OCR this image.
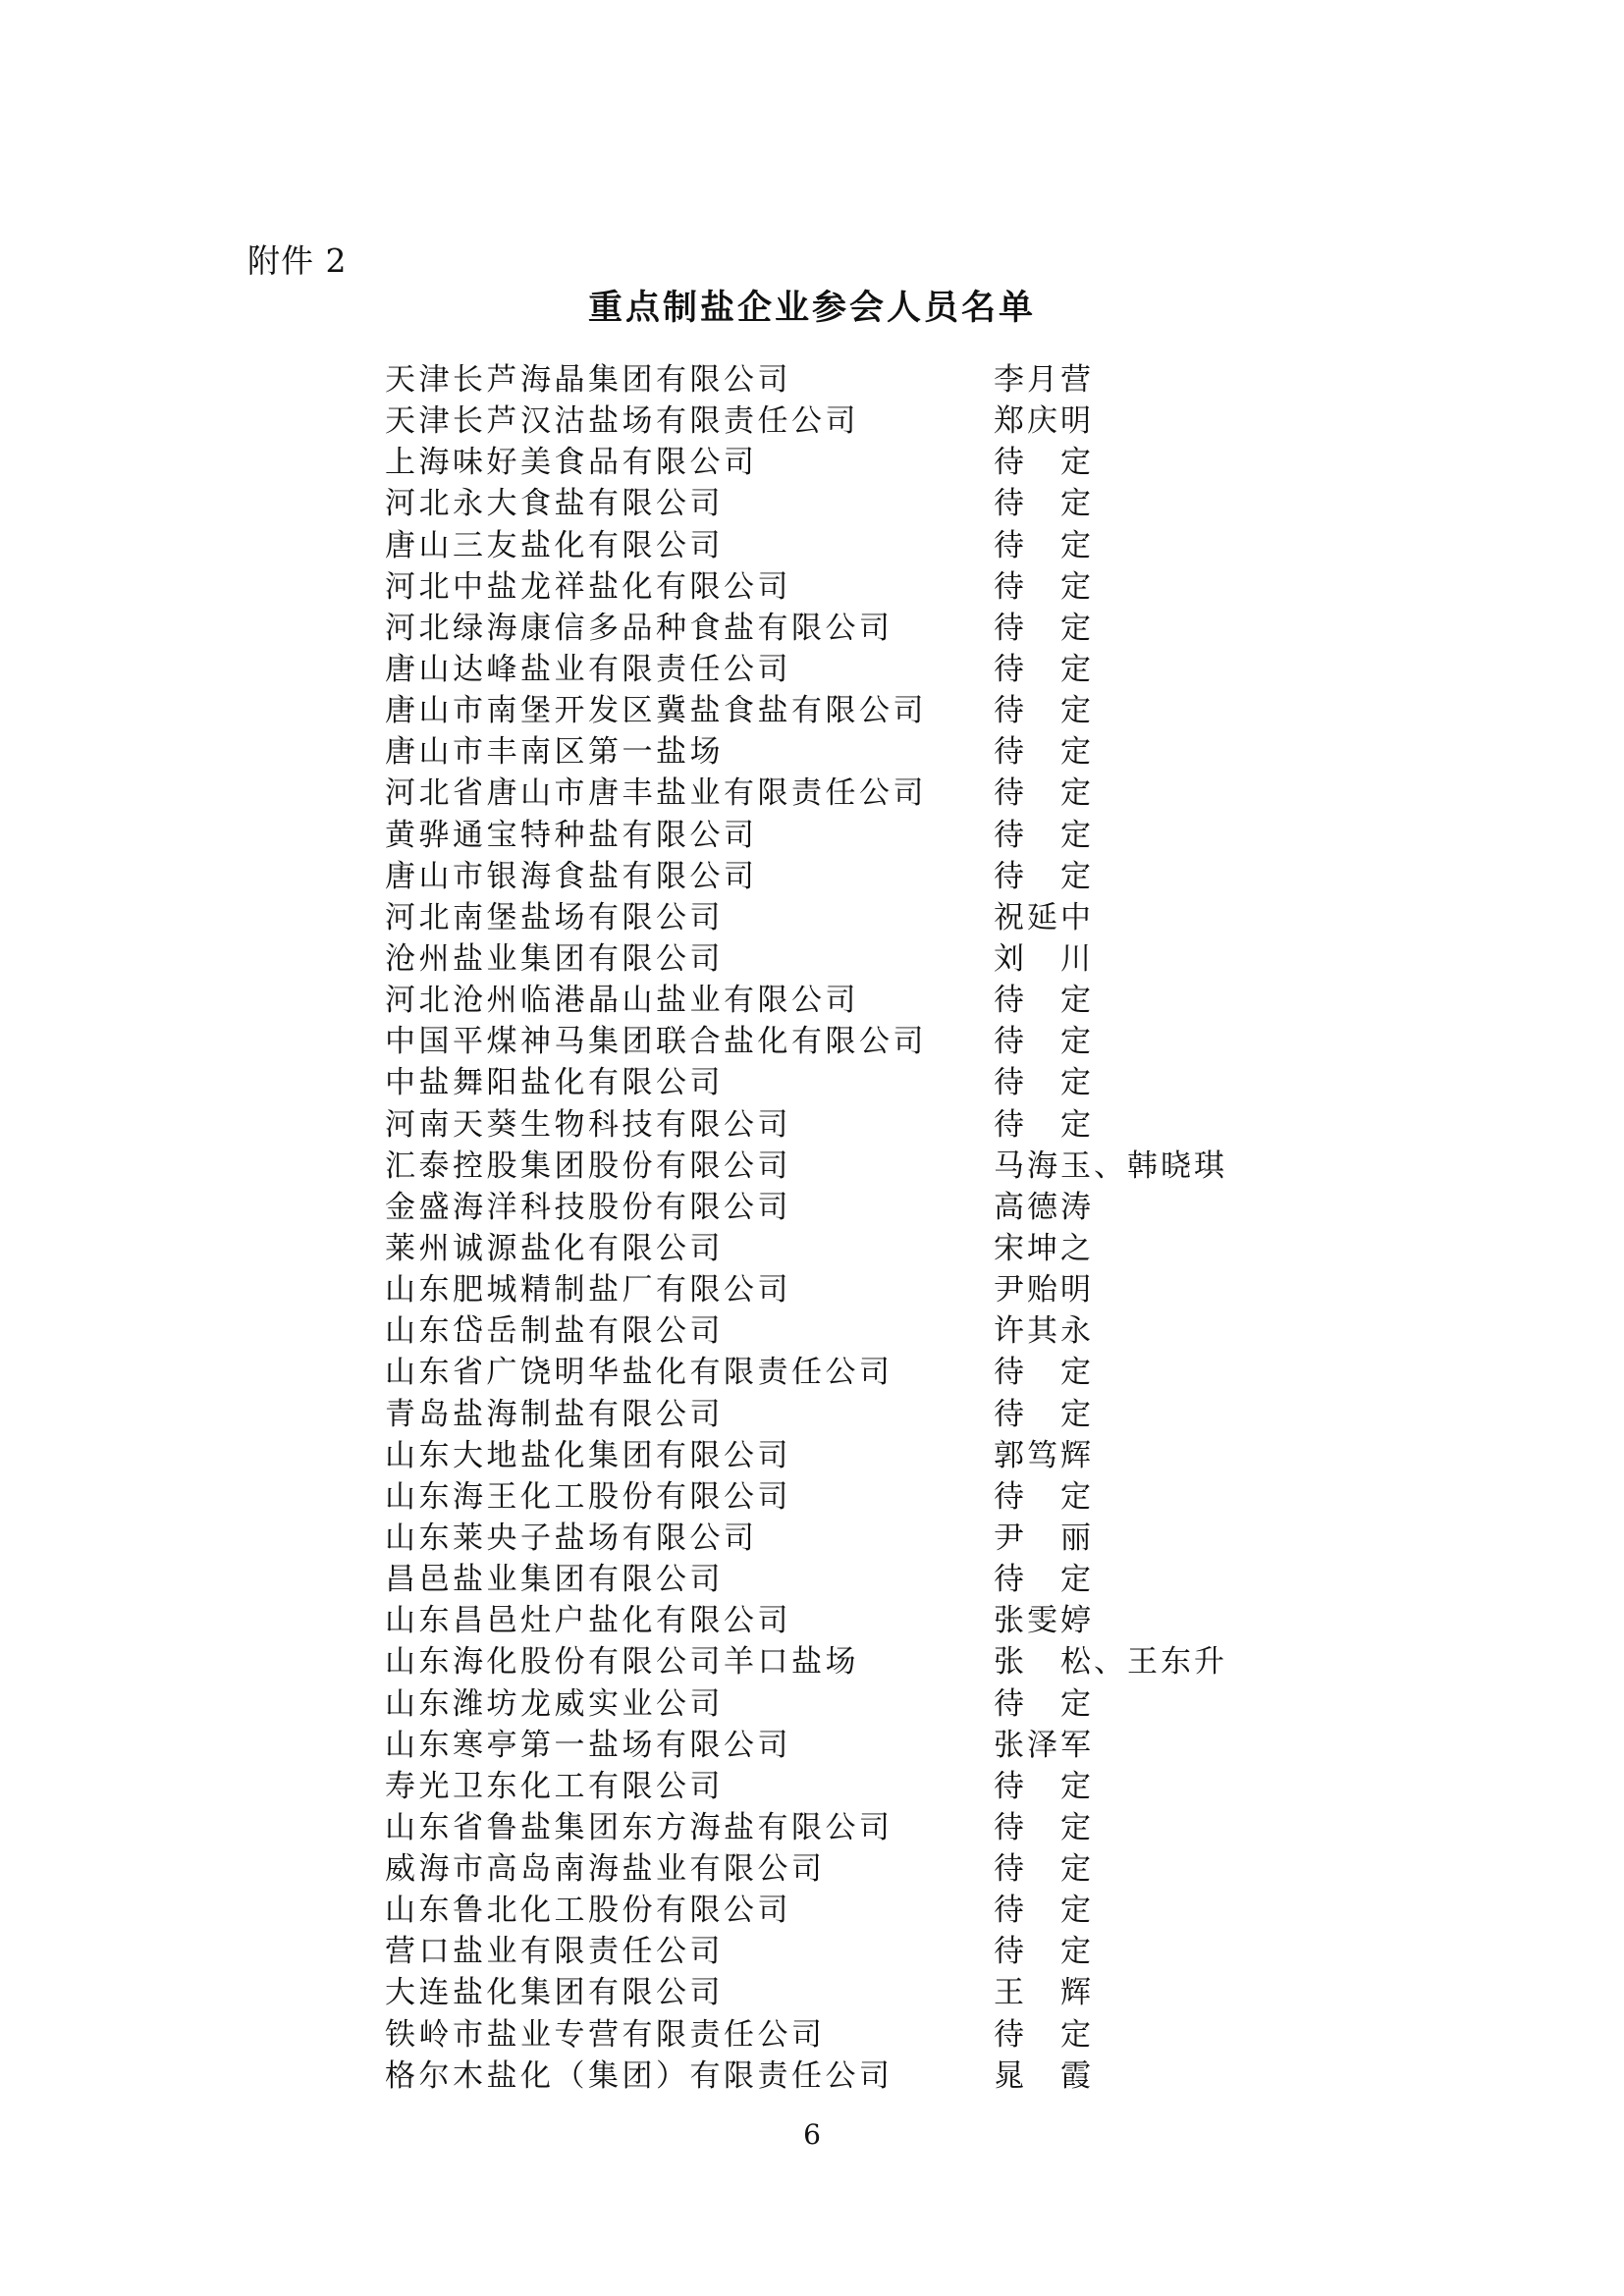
附件 2
重点制盐企业参会人员名单
天津长芦海晶集团有限公司	李月营
天津长芦汉沽盐场有限责任公司	郑庆明
上海味好美食品有限公司	待　定
河北永大食盐有限公司	待　定
唐山三友盐化有限公司	待　定
河北中盐龙祥盐化有限公司	待　定
河北绿海康信多品种食盐有限公司	待　定
唐山达峰盐业有限责任公司	待　定
唐山市南堡开发区冀盐食盐有限公司 待　定
唐山市丰南区第一盐场	待　定
河北省唐山市唐丰盐业有限责任公司 待　定
黄骅通宝特种盐有限公司	待　定
唐山市银海食盐有限公司	待　定
河北南堡盐场有限公司	祝延中
沧州盐业集团有限公司	刘　川
河北沧州临港晶山盐业有限公司	待　定
中国平煤神马集团联合盐化有限公司 待　定
中盐舞阳盐化有限公司	待　定
河南天葵生物科技有限公司	待　定
汇泰控股集团股份有限公司	马海玉、韩晓琪
金盛海洋科技股份有限公司	高德涛
莱州诚源盐化有限公司	宋坤之
山东肥城精制盐厂有限公司	尹贻明
山东岱岳制盐有限公司	许其永
山东省广饶明华盐化有限责任公司	待　定
青岛盐海制盐有限公司	待　定
山东大地盐化集团有限公司	郭笃辉
山东海王化工股份有限公司	待　定
山东莱央子盐场有限公司	尹　丽
昌邑盐业集团有限公司	待　定
山东昌邑灶户盐化有限公司	张雯婷
山东海化股份有限公司羊口盐场	张　松、王东升
山东潍坊龙威实业公司	待　定
山东寒亭第一盐场有限公司	张泽军
寿光卫东化工有限公司	待　定
山东省鲁盐集团东方海盐有限公司	待　定
威海市高岛南海盐业有限公司	待　定
山东鲁北化工股份有限公司	待　定
营口盐业有限责任公司	待　定
大连盐化集团有限公司	王　辉
铁岭市盐业专营有限责任公司	待　定
格尔木盐化（集团）有限责任公司	晁　霞
6
